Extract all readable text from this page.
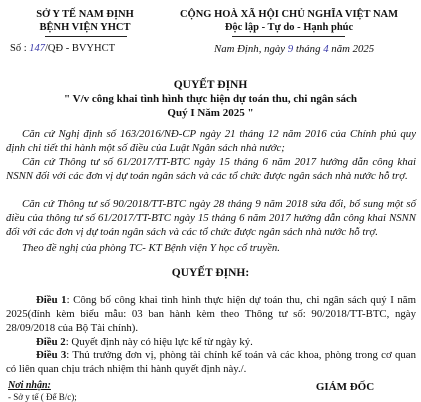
SỞ Y TẾ NAM ĐỊNH
BỆNH VIỆN YHCT
Số : 147/QĐ - BVYHCT
CỘNG HOÀ XÃ HỘI CHỦ NGHĨA VIỆT NAM
Độc lập - Tự do - Hạnh phúc
Nam Định, ngày 9 tháng 4 năm 2025
QUYẾT ĐỊNH
" V/v công khai tình hình thực hiện dự toán thu, chi ngân sách
Quý I Năm 2025 "
Căn cứ Nghị định số 163/2016/NĐ-CP ngày 21 tháng 12 năm 2016 của Chính phủ quy định chi tiết thi hành một số điều của Luật Ngân sách nhà nước;
Căn cứ Thông tư số 61/2017/TT-BTC ngày 15 tháng 6 năm 2017 hướng dẫn công khai NSNN đối với các đơn vị dự toán ngân sách và các tổ chức được ngân sách nhà nước hỗ trợ.
Căn cứ Thông tư số 90/2018/TT-BTC ngày 28 tháng 9 năm 2018 sửa đổi, bổ sung một số điều của thông tư số 61/2017/TT-BTC ngày 15 tháng 6 năm 2017 hướng dẫn công khai NSNN đối với các đơn vị dự toán ngân sách và các tổ chức được ngân sách nhà nước hỗ trợ.
Theo đề nghị của phòng TC- KT Bệnh viện Y học cổ truyền.
QUYẾT ĐỊNH:
Điều 1: Công bố công khai tình hình thực hiện dự toán thu, chi ngân sách quý I năm 2025(đính kèm biểu mẫu: 03 ban hành kèm theo Thông tư số: 90/2018/TT-BTC, ngày 28/09/2018 của Bộ Tài chính).
Điều 2: Quyết định này có hiệu lực kể từ ngày ký.
Điều 3: Thủ trưởng đơn vị, phòng tài chính kế toán và các khoa, phòng trong cơ quan có liên quan chịu trách nhiệm thi hành quyết định này./.
Nơi nhận:
- Sở y tế ( Để B/c);
GIÁM ĐỐC
